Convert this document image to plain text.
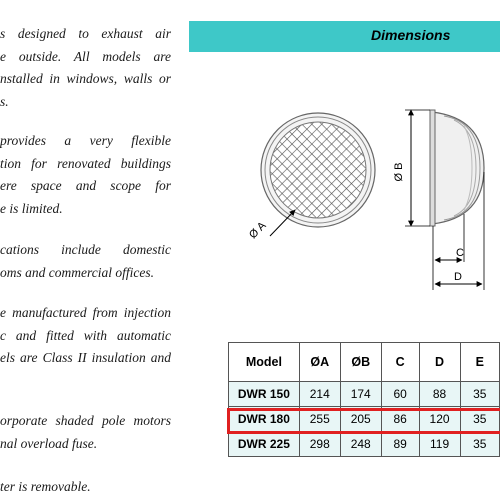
s designed to exhaust air
e outside. All models are
nstalled in windows, walls or
s.
provides a very flexible
tion for renovated buildings
ere space and scope for
e is limited.
cations include domestic
oms and commercial offices.
e manufactured from injection
c and fitted with automatic
els are Class II insulation and
orporate shaded pole motors
nal overload fuse.
ter is removable.
Dimensions
Ø A
Ø B
C
D
Model	ØA	ØB	C	D	E
DWR 150	214	174	60	88	35
DWR 180	255	205	86	120	35
DWR 225	298	248	89	119	35
